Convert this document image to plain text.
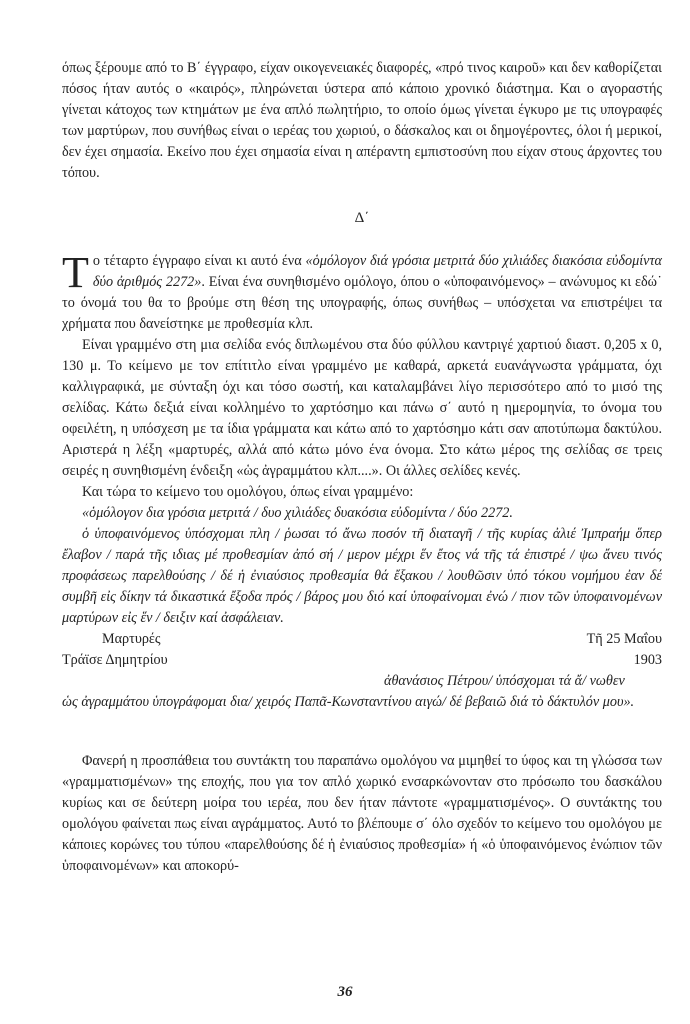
όπως ξέρουμε από το Β΄ έγγραφο, είχαν οικογενειακές διαφορές, «πρό τινος καιροῦ» και δεν καθορίζεται πόσος ήταν αυτός ο «καιρός», πληρώνεται ύστερα από κάποιο χρονικό διάστημα. Και ο αγοραστής γίνεται κάτοχος των κτημάτων με ένα απλό πωλητήριο, το οποίο όμως γίνεται έγκυρο με τις υπογραφές των μαρτύρων, που συνήθως είναι ο ιερέας του χωριού, ο δάσκαλος και οι δημογέροντες, όλοι ή μερικοί, δεν έχει σημασία. Εκείνο που έχει σημασία είναι η απέραντη εμπιστοσύνη που είχαν στους άρχοντες του τόπου.

Δ΄

Το τέταρτο έγγραφο είναι κι αυτό ένα «ὁμόλογον διά γρόσια μετριτά δύο χιλιάδες διακόσια εὐδομίντα δύο ἀριθμός 2272». Είναι ένα συνηθισμένο ομόλογο, όπου ο «ὑποφαινόμενος» – ανώνυμος κι εδώ˙ το όνομά του θα το βρούμε στη θέση της υπογραφής, όπως συνήθως – υπόσχεται να επιστρέψει τα χρήματα που δανείστηκε με προθεσμία κλπ.

Είναι γραμμένο στη μια σελίδα ενός διπλωμένου στα δύο φύλλου καντριγέ χαρτιού διαστ. 0,205 x 0, 130 μ. Το κείμενο με τον επίτιτλο είναι γραμμένο με καθαρά, αρκετά ευανάγνωστα γράμματα, όχι καλλιγραφικά, με σύνταξη όχι και τόσο σωστή, και καταλαμβάνει λίγο περισσότερο από το μισό της σελίδας. Κάτω δεξιά είναι κολλημένο το χαρτόσημο και πάνω σ΄ αυτό η ημερομηνία, το όνομα του οφειλέτη, η υπόσχεση με τα ίδια γράμματα και κάτω από το χαρτόσημο κάτι σαν αποτύπωμα δακτύλου. Αριστερά η λέξη «μαρτυρές, αλλά από κάτω μόνο ένα όνομα. Στο κάτω μέρος της σελίδας σε τρεις σειρές η συνηθισμένη ένδειξη «ὡς ἀγραμμάτου κλπ....». Οι άλλες σελίδες κενές.

Και τώρα το κείμενο του ομολόγου, όπως είναι γραμμένο:

«ὁμόλογον δια γρόσια μετριτά / δυο χιλιάδες δυακόσια εὐδομίντα / δύο 2272.

ὁ ὑποφαινόμενος ὑπόσχομαι πλη / ῥωσαι τό ἄνω ποσόν τῆ διαταγῆ / τῆς κυρίας ἀλιέ Ἰμπραήμ ὅπερ ἔλαβον / παρά τῆς ιδιας μέ προθεσμίαν ἀπό σή / μερον μέχρι ἕν ἔτος νά τῆς τά ἐπιστρέ / ψω ἄνευ τινός προφάσεως παρελθούσης / δέ ἡ ἐνιαύσιος προθεσμία θά ἔξακου / λουθῶσιν ὑπό τόκου νομήμου ἐαν δέ συμβῆ εἰς δίκην τά δικαστικά ἔξοδα πρός / βάρος μου διό καί ὑποφαίνομαι ἐνώ / πιον τῶν ὑποφαινομένων μαρτύρων εἰς ἕν / δειξιν καί ἀσφάλειαν.

Μαρτυρές	Τῆ 25 Μαΐου
Τράϊσε Δημητρίου	1903
ἀθανάσιος Πέτρου/ ὑπόσχομαι τά ἄ/ νωθεν

ὡς ἀγραμμάτου ὑπογράφομαι δια/ χειρός Παπᾶ-Κωνσταντίνου αιγώ/ δέ βεβαιῶ διά τὸ δάκτυλόν μου».

Φανερή η προσπάθεια του συντάκτη του παραπάνω ομολόγου να μιμηθεί το ύφος και τη γλώσσα των «γραμματισμένων» της εποχής, που για τον απλό χωρικό ενσαρκώνονταν στο πρόσωπο του δασκάλου κυρίως και σε δεύτερη μοίρα του ιερέα, που δεν ήταν πάντοτε «γραμματισμένος». Ο συντάκτης του ομολόγου φαίνεται πως είναι αγράμματος. Αυτό το βλέπουμε σ΄ όλο σχεδόν το κείμενο του ομολόγου με κάποιες κορώνες του τύπου «παρελθούσης δέ ἡ ἐνιαύσιος προθεσμία» ή «ὁ ὑποφαινόμενος ἐνώπιον τῶν ὑποφαινομένων» και αποκορύ-

36
